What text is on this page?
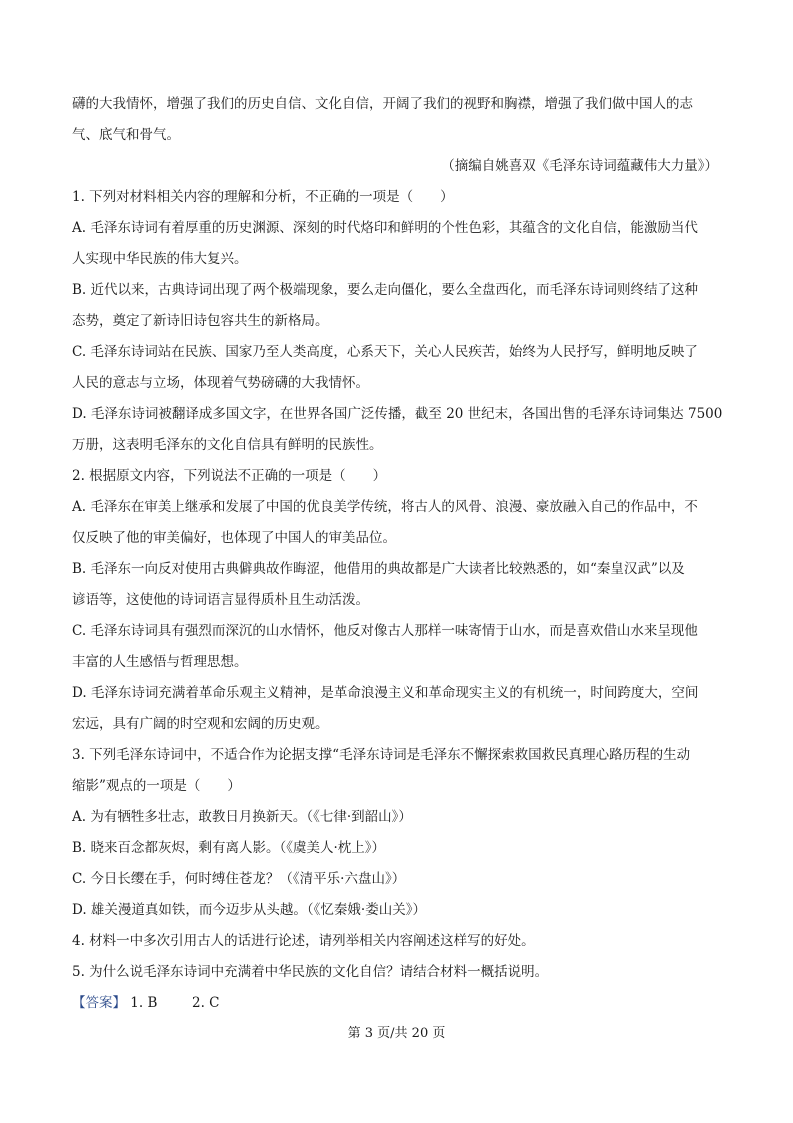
礴的大我情怀，增强了我们的历史自信、文化自信，开阔了我们的视野和胸襟，增强了我们做中国人的志
气、底气和骨气。
（摘编自姚喜双《毛泽东诗词蕴藏伟大力量》）
1. 下列对材料相关内容的理解和分析，不正确的一项是（　　）
A. 毛泽东诗词有着厚重的历史渊源、深刻的时代烙印和鲜明的个性色彩，其蕴含的文化自信，能激励当代
人实现中华民族的伟大复兴。
B. 近代以来，古典诗词出现了两个极端现象，要么走向僵化，要么全盘西化，而毛泽东诗词则终结了这种
态势，奠定了新诗旧诗包容共生的新格局。
C. 毛泽东诗词站在民族、国家乃至人类高度，心系天下，关心人民疾苦，始终为人民抒写，鲜明地反映了
人民的意志与立场，体现着气势磅礴的大我情怀。
D. 毛泽东诗词被翻译成多国文字，在世界各国广泛传播，截至 20 世纪末，各国出售的毛泽东诗词集达 7500
万册，这表明毛泽东的文化自信具有鲜明的民族性。
2. 根据原文内容，下列说法不正确的一项是（　　）
A. 毛泽东在审美上继承和发展了中国的优良美学传统，将古人的风骨、浪漫、豪放融入自己的作品中，不
仅反映了他的审美偏好，也体现了中国人的审美品位。
B. 毛泽东一向反对使用古典僻典故作晦涩，他借用的典故都是广大读者比较熟悉的，如“秦皇汉武”以及
谚语等，这使他的诗词语言显得质朴且生动活泼。
C. 毛泽东诗词具有强烈而深沉的山水情怀，他反对像古人那样一味寄情于山水，而是喜欢借山水来呈现他
丰富的人生感悟与哲理思想。
D. 毛泽东诗词充满着革命乐观主义精神，是革命浪漫主义和革命现实主义的有机统一，时间跨度大，空间
宏远，具有广阔的时空观和宏阔的历史观。
3. 下列毛泽东诗词中，不适合作为论据支撑“毛泽东诗词是毛泽东不懈探索救国救民真理心路历程的生动
缩影”观点的一项是（　　）
A. 为有牺牲多壮志，敢教日月换新天。（《七律·到韶山》）
B. 晓来百念都灰烬，剩有离人影。（《虞美人·枕上》）
C. 今日长缨在手，何时缚住苍龙？（《清平乐·六盘山》）
D. 雄关漫道真如铁，而今迈步从头越。（《忆秦娥·娄山关》）
4. 材料一中多次引用古人的话进行论述，请列举相关内容阐述这样写的好处。
5. 为什么说毛泽东诗词中充满着中华民族的文化自信？请结合材料一概括说明。
【答案】 1. B	2. C
第 3 页/共 20 页
